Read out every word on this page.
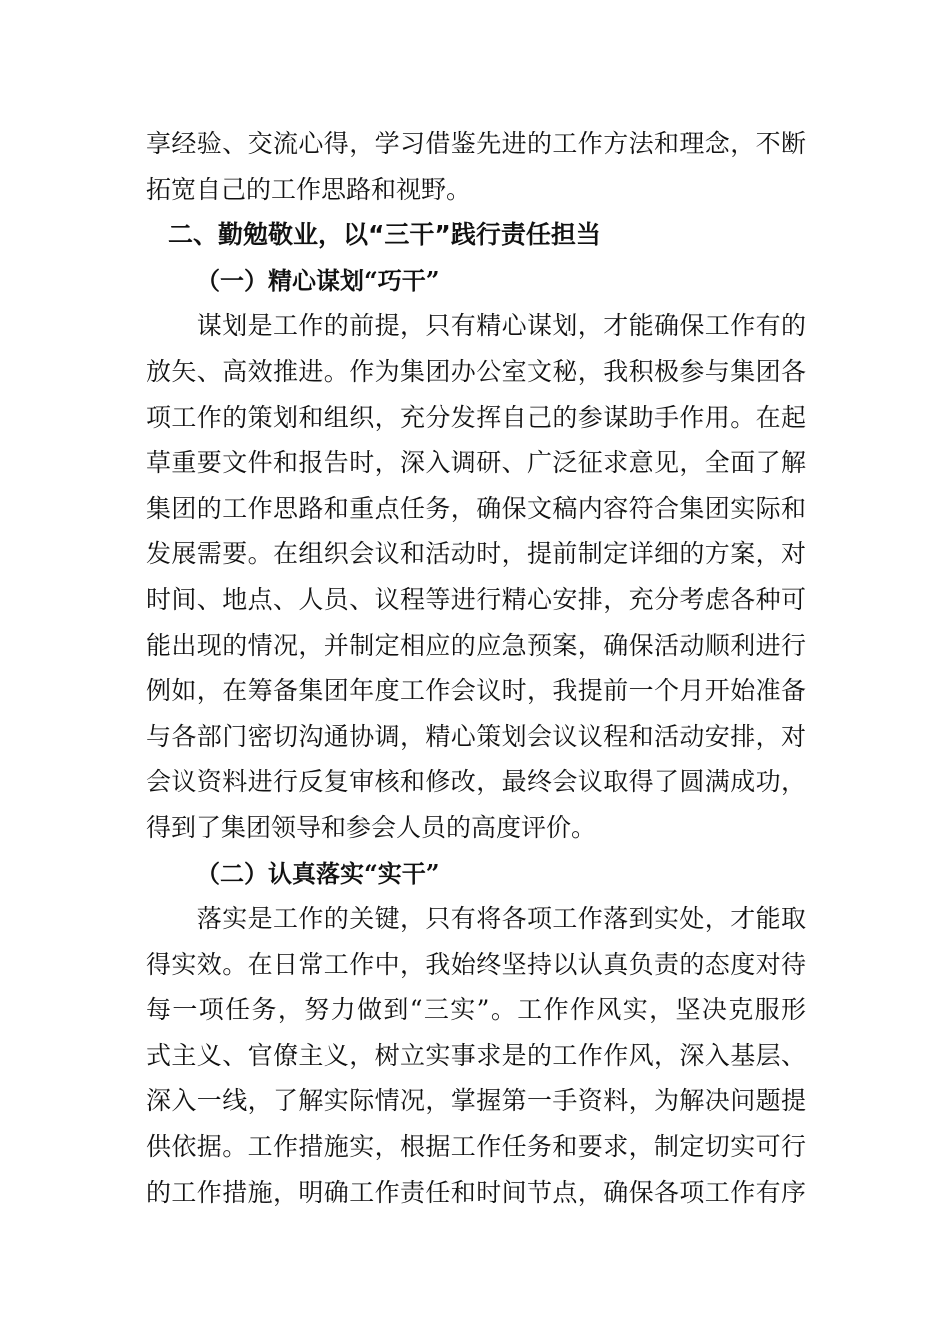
享经验、交流心得，学习借鉴先进的工作方法和理念，不断
拓宽自己的工作思路和视野。
二、勤勉敬业，以“三干”践行责任担当
（一）精心谋划“巧干”
　　谋划是工作的前提，只有精心谋划，才能确保工作有的
放矢、高效推进。作为集团办公室文秘，我积极参与集团各
项工作的策划和组织，充分发挥自己的参谋助手作用。在起
草重要文件和报告时，深入调研、广泛征求意见，全面了解
集团的工作思路和重点任务，确保文稿内容符合集团实际和
发展需要。在组织会议和活动时，提前制定详细的方案，对
时间、地点、人员、议程等进行精心安排，充分考虑各种可
能出现的情况，并制定相应的应急预案，确保活动顺利进行
例如，在筹备集团年度工作会议时，我提前一个月开始准备
与各部门密切沟通协调，精心策划会议议程和活动安排，对
会议资料进行反复审核和修改，最终会议取得了圆满成功，
得到了集团领导和参会人员的高度评价。
（二）认真落实“实干”
　　落实是工作的关键，只有将各项工作落到实处，才能取
得实效。在日常工作中，我始终坚持以认真负责的态度对待
每一项任务，努力做到“三实”。工作作风实，坚决克服形
式主义、官僚主义，树立实事求是的工作作风，深入基层、
深入一线，了解实际情况，掌握第一手资料，为解决问题提
供依据。工作措施实，根据工作任务和要求，制定切实可行
的工作措施，明确工作责任和时间节点，确保各项工作有序
